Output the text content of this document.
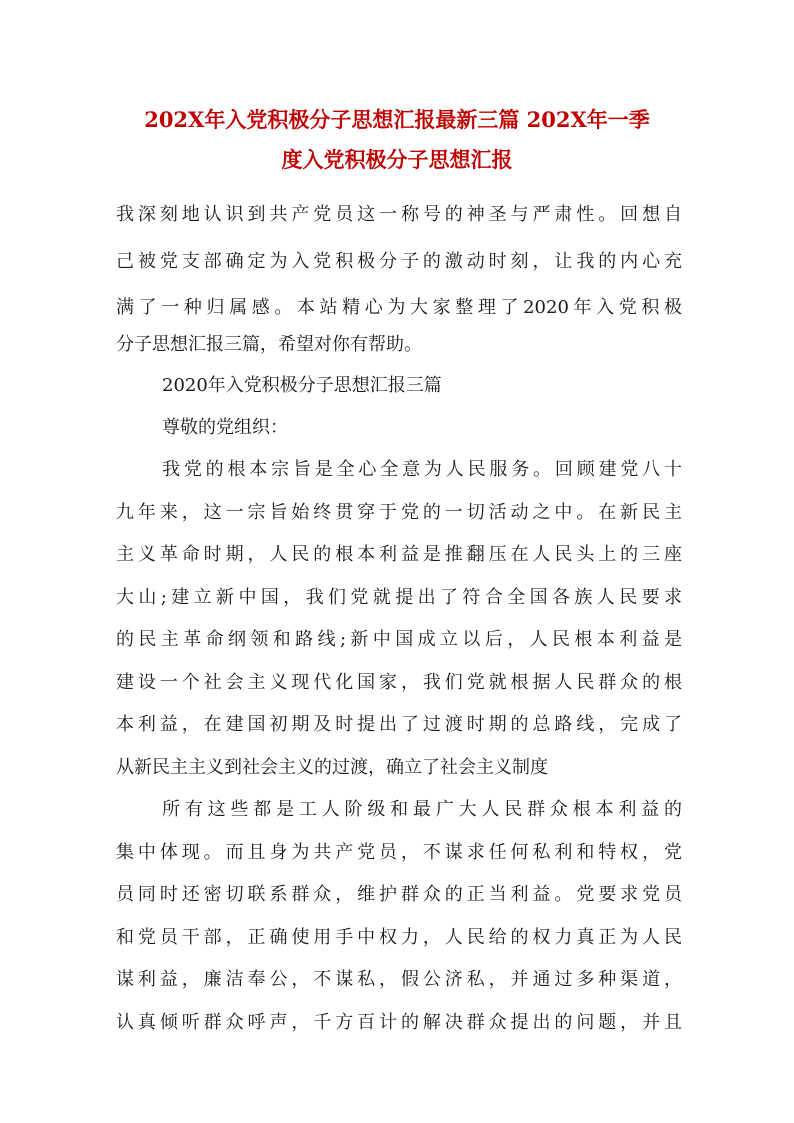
202X年入党积极分子思想汇报最新三篇 202X年一季
度入党积极分子思想汇报
我深刻地认识到共产党员这一称号的神圣与严肃性。回想自
己被党支部确定为入党积极分子的激动时刻，让我的内心充
满了一种归属感。本站精心为大家整理了2020年入党积极
分子思想汇报三篇，希望对你有帮助。
2020年入党积极分子思想汇报三篇
尊敬的党组织：
我党的根本宗旨是全心全意为人民服务。回顾建党八十
九年来，这一宗旨始终贯穿于党的一切活动之中。在新民主
主义革命时期，人民的根本利益是推翻压在人民头上的三座
大山;建立新中国，我们党就提出了符合全国各族人民要求
的民主革命纲领和路线;新中国成立以后，人民根本利益是
建设一个社会主义现代化国家，我们党就根据人民群众的根
本利益，在建国初期及时提出了过渡时期的总路线，完成了
从新民主主义到社会主义的过渡，确立了社会主义制度
所有这些都是工人阶级和最广大人民群众根本利益的
集中体现。而且身为共产党员，不谋求任何私利和特权，党
员同时还密切联系群众，维护群众的正当利益。党要求党员
和党员干部，正确使用手中权力，人民给的权力真正为人民
谋利益，廉洁奉公，不谋私，假公济私，并通过多种渠道，
认真倾听群众呼声，千方百计的解决群众提出的问题，并且
